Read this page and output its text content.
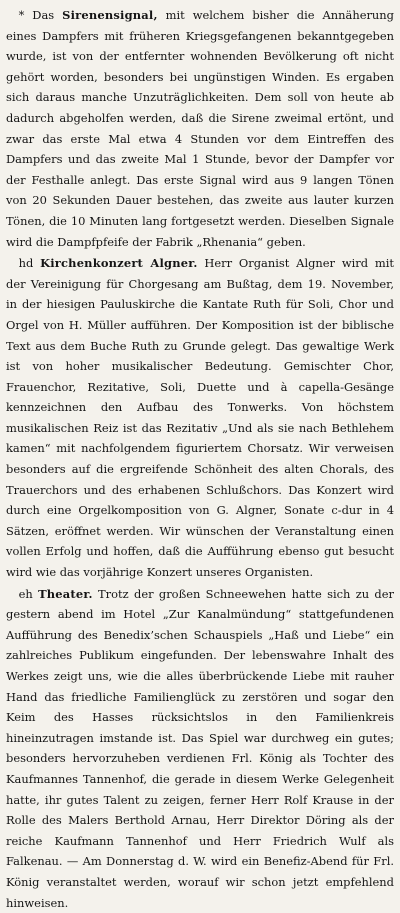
* Das Sirenensignal, mit welchem bisher die Annäherung eines Dampfers mit früheren Kriegsgefangenen bekanntgegeben wurde, ist von der entfernter wohnenden Bevölkerung oft nicht gehört worden, besonders bei ungünstigen Winden. Es ergaben sich daraus manche Unzuträglichkeiten. Dem soll von heute ab dadurch abgeholfen werden, daß die Sirene zweimal ertönt, und zwar das erste Mal etwa 4 Stunden vor dem Eintreffen des Dampfers und das zweite Mal 1 Stunde, bevor der Dampfer vor der Festhalle anlegt. Das erste Signal wird aus 9 langen Tönen von 20 Sekunden Dauer bestehen, das zweite aus lauter kurzen Tönen, die 10 Minuten lang fortgesetzt werden. Dieselben Signale wird die Dampfpfeife der Fabrik „Rhenania“ geben.

hd Kirchenkonzert Algner. Herr Organist Algner wird mit der Vereinigung für Chorgesang am Bußtag, dem 19. November, in der hiesigen Pauluskirche die Kantate Ruth für Soli, Chor und Orgel von H. Müller aufführen. Der Komposition ist der biblische Text aus dem Buche Ruth zu Grunde gelegt. Das gewaltige Werk ist von hoher musikalischer Bedeutung. Gemischter Chor, Frauenchor, Rezitative, Soli, Duette und à capella-Gesänge kennzeichnen den Aufbau des Tonwerks. Von höchstem musikalischen Reiz ist das Rezitativ „Und als sie nach Bethlehem kamen“ mit nachfolgendem figuriertem Chorsatz. Wir verweisen besonders auf die ergreifende Schönheit des alten Chorals, des Trauerchors und des erhabenen Schlußchors. Das Konzert wird durch eine Orgelkomposition von G. Algner, Sonate c-dur in 4 Sätzen, eröffnet werden. Wir wünschen der Veranstaltung einen vollen Erfolg und hoffen, daß die Aufführung ebenso gut besucht wird wie das vorjährige Konzert unseres Organisten.

eh Theater. Trotz der großen Schneewehen hatte sich zu der gestern abend im Hotel „Zur Kanalmündung“ stattgefundenen Aufführung des Benedix’schen Schauspiels „Haß und Liebe“ ein zahlreiches Publikum eingefunden. Der lebenswahre Inhalt des Werkes zeigt uns, wie die alles überbrückende Liebe mit rauher Hand das friedliche Familienglück zu zerstören und sogar den Keim des Hasses rücksichtslos in den Familienkreis hineinzutragen imstande ist. Das Spiel war durchweg ein gutes; besonders hervorzuheben verdienen Frl. König als Tochter des Kaufmannes Tannenhof, die gerade in diesem Werke Gelegenheit hatte, ihr gutes Talent zu zeigen, ferner Herr Rolf Krause in der Rolle des Malers Berthold Arnau, Herr Direktor Döring als der reiche Kaufmann Tannenhof und Herr Friedrich Wulf als Falkenau. — Am Donnerstag d. W. wird ein Benefiz-Abend für Frl. König veranstaltet werden, worauf wir schon jetzt empfehlend hinweisen.
